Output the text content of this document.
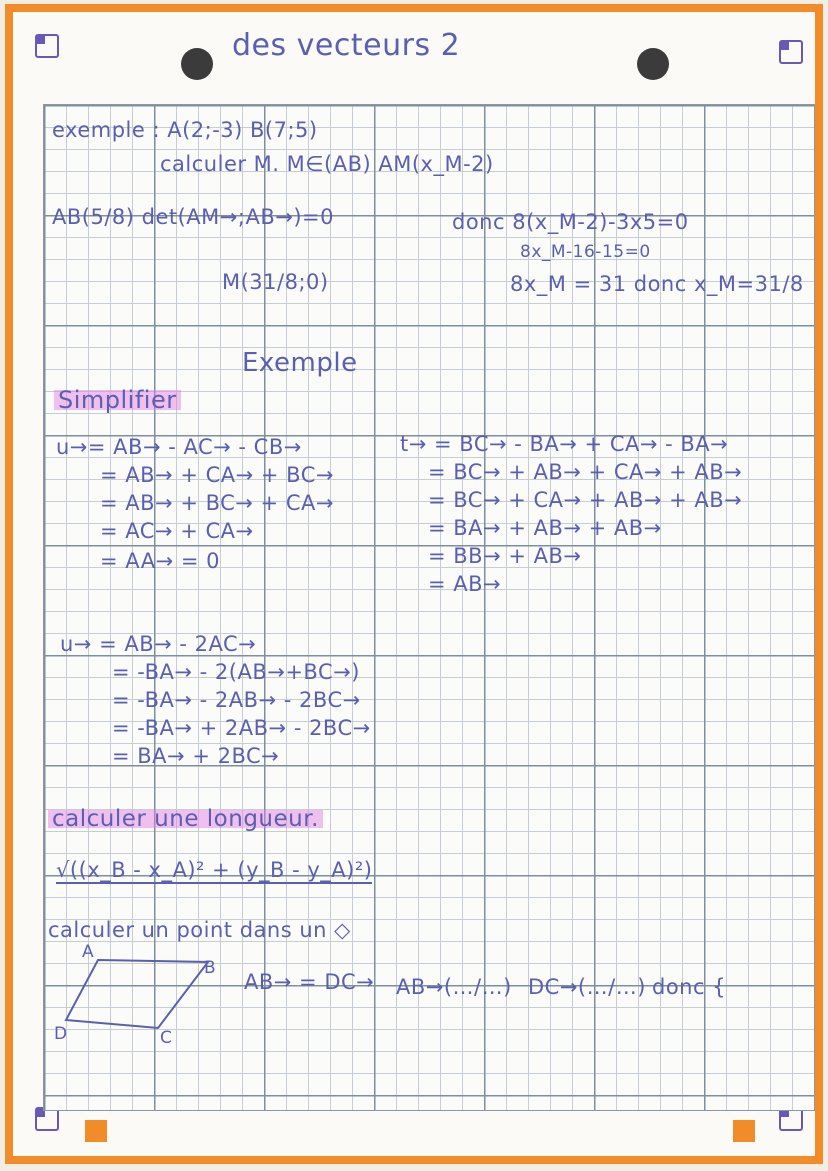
des vecteurs 2
exemple : A(2;-3) B(7;5)
calculer M. M∈(AB) AM(x_M-2)
AB(5/8) det(AM→;AB→)=0	donc 8(x_M-2)-3x5=0
8x_M-16-15=0
M(31/8;0)	8x_M = 31 donc x_M=31/8
Exemple
Simplifier
u→= AB→ - AC→ - CB→
= AB→ + CA→ + BC→
= AB→ + BC→ + CA→
= AC→ + CA→
= AA→ = 0
t→ = BC→ - BA→ + CA→ - BA→
= BC→ + AB→ + CA→ + AB→
= BC→ + CA→ + AB→ + AB→
= BA→ + AB→ + AB→
= BB→ + AB→
= AB→
u→ = AB→ - 2AC→
= -BA→ - 2(AB→+BC→)
= -BA→ - 2AB→ - 2BC→
= -BA→ + 2AB→ - 2BC→
= BA→ + 2BC→
calculer une longueur.
√((x_B - x_A)² + (y_B - y_A)²)
calculer un point dans un ◇
A
B
C
D
AB→ = DC→ AB→(…/…) DC→(…/…) donc {
